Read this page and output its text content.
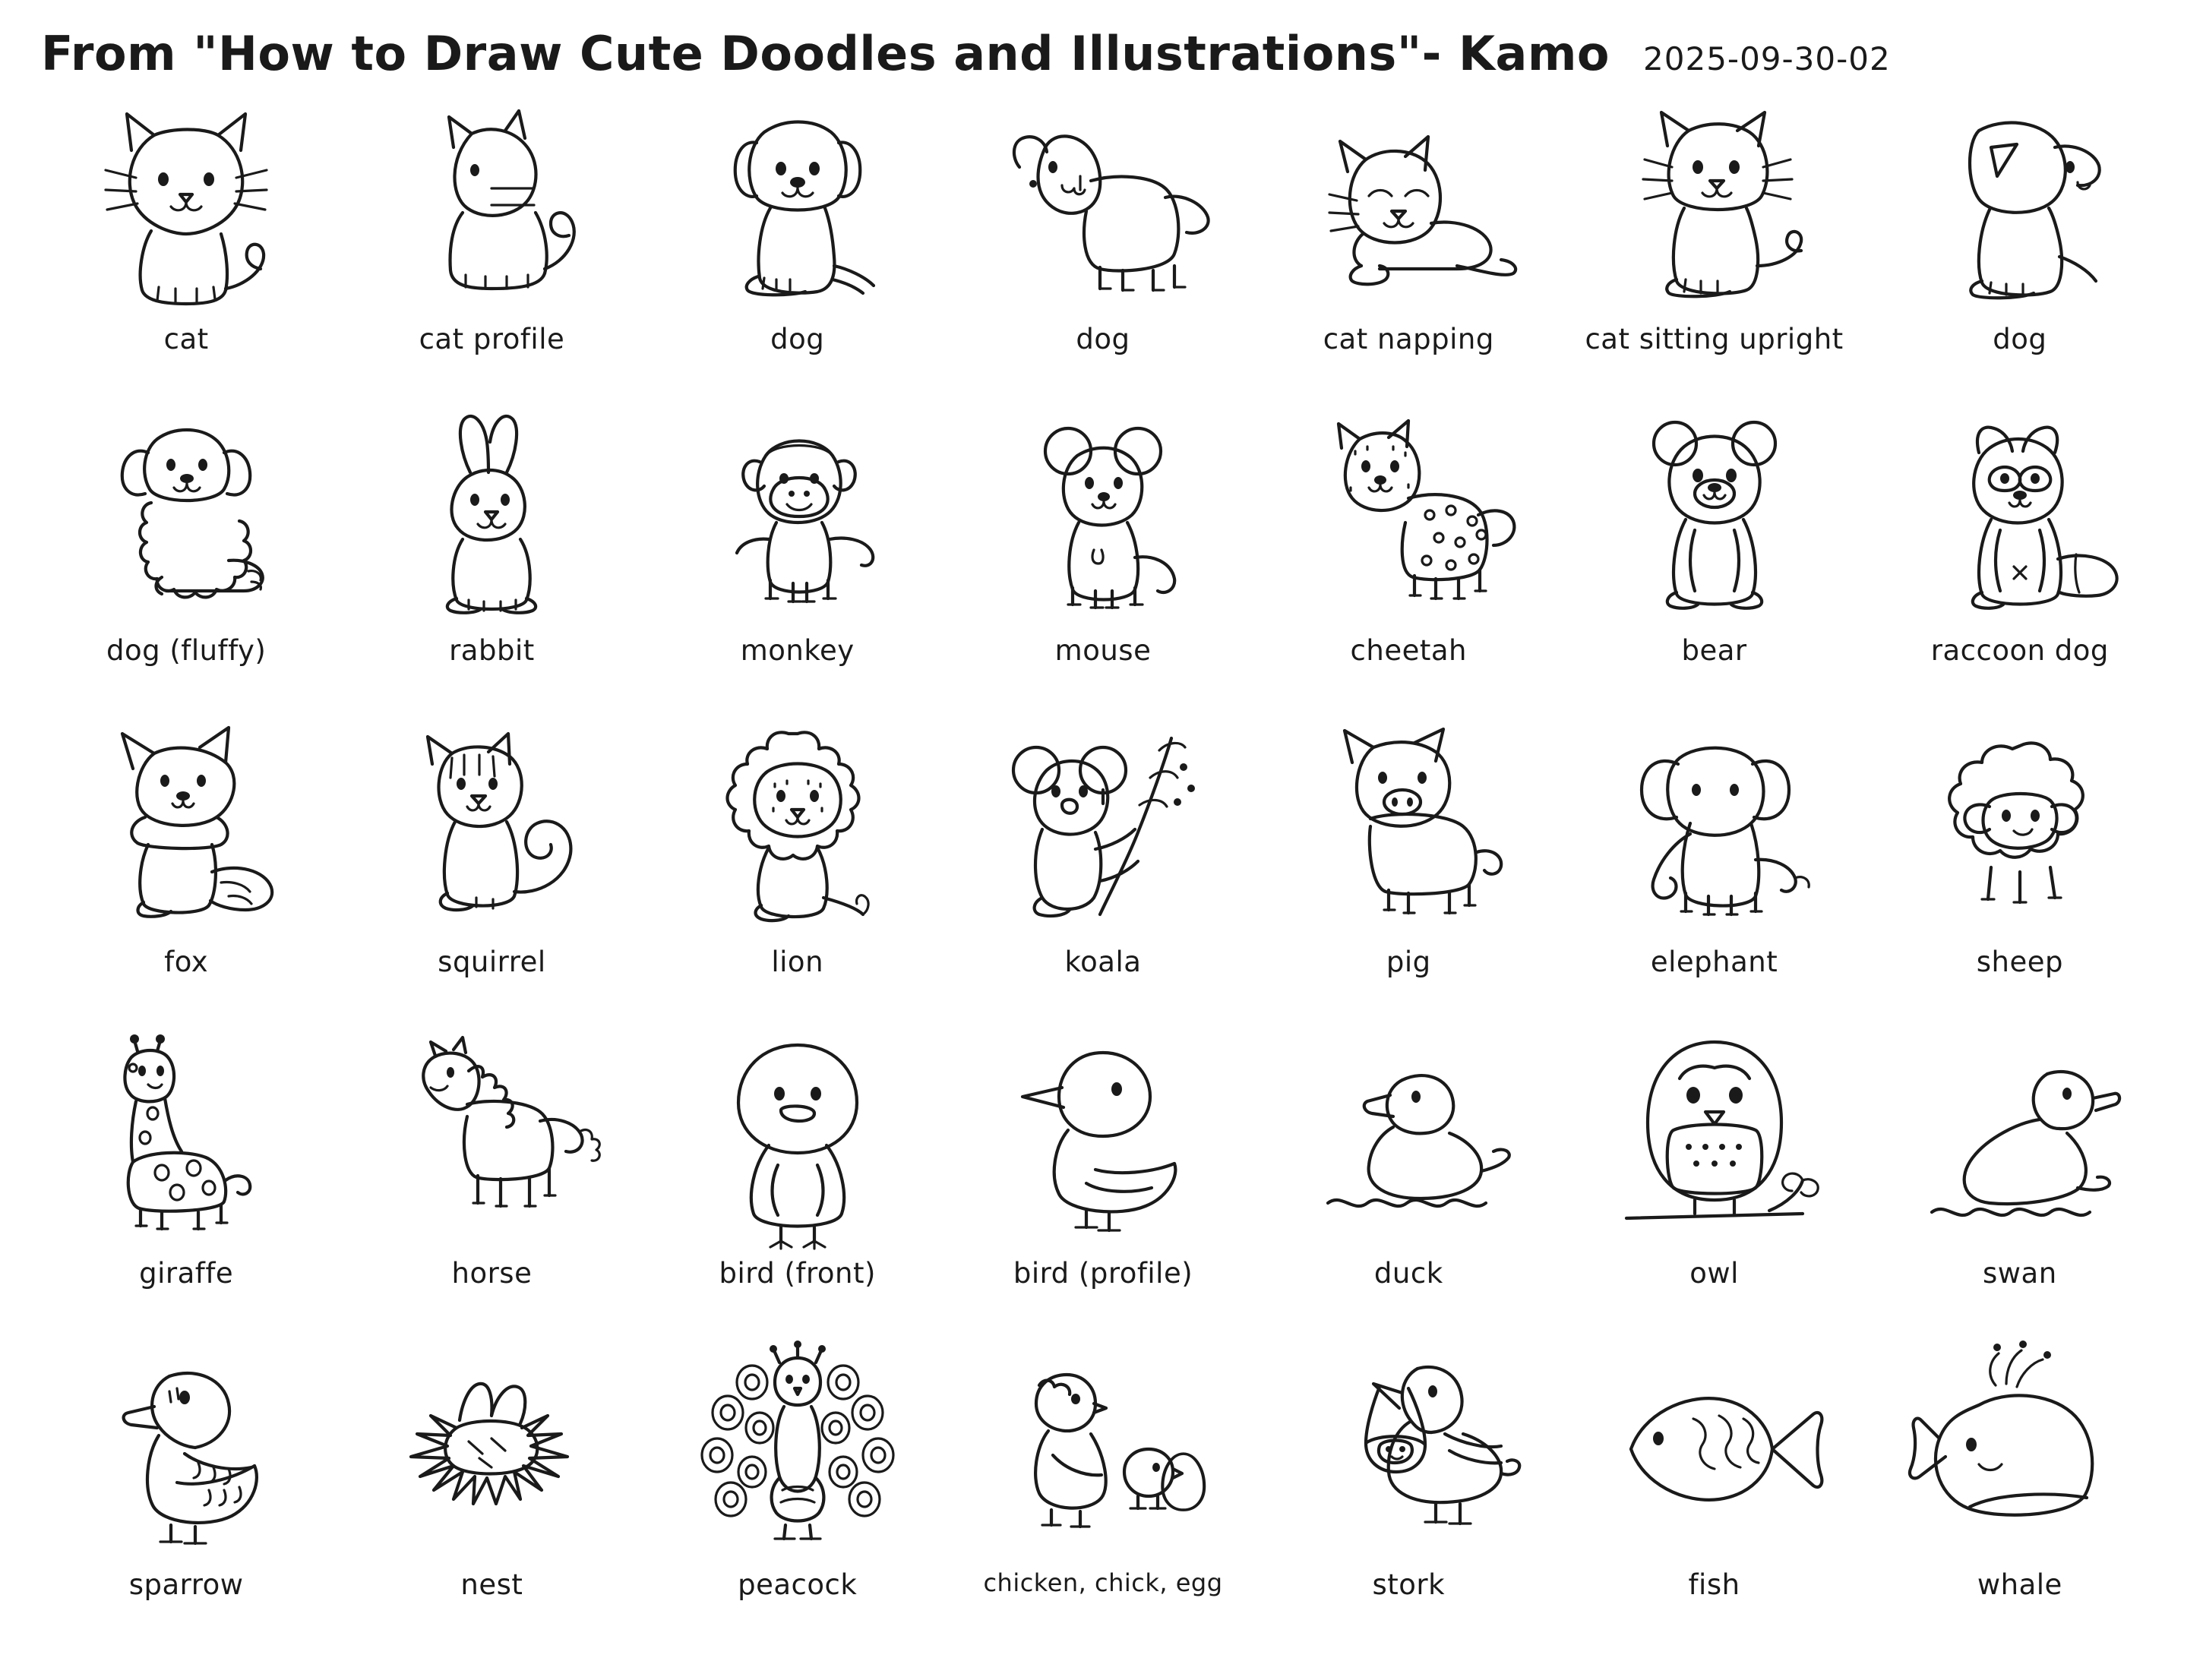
From "How to Draw Cute Doodles and Illustrations"- Kamo 2025-09-30-02
cat	cat profile	dog	dog	cat napping	cat sitting upright	dog
dog (fluffy)	rabbit	monkey	mouse	cheetah	bear	raccoon dog
fox	squirrel	lion	koala	pig	elephant	sheep
giraffe	horse	bird (front)	bird (profile)	duck	owl	swan
sparrow	nest	peacock	chicken, chick, egg	stork	fish	whale
